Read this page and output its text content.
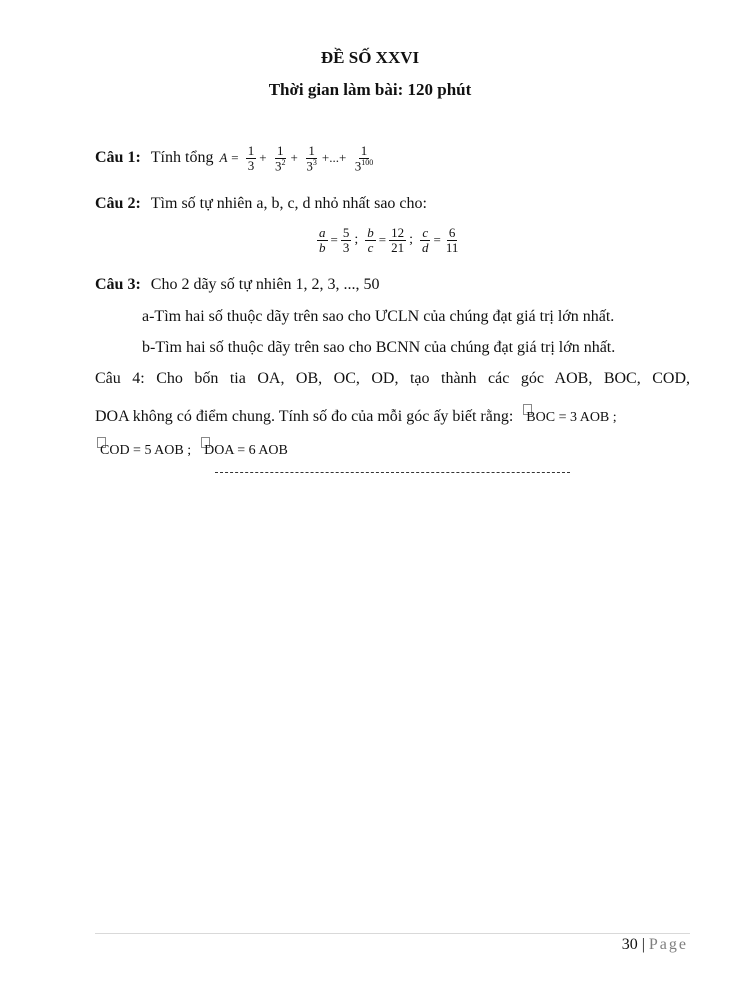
ĐỀ SỐ XXVI
Thời gian làm bài: 120 phút
Câu 1: Tính tổng $A = \frac{1}{3} + \frac{1}{3^2} + \frac{1}{3^3}$ +...+ $\frac{1}{3^{100}}$
Câu 2: Tìm số tự nhiên a, b, c, d nhỏ nhất sao cho:
$\frac{a}{b} = \frac{5}{3}$ ; $\frac{b}{c} = \frac{12}{21}$ ; $\frac{c}{d} = \frac{6}{11}$
Câu 3: Cho 2 dãy số tự nhiên 1, 2, 3, ..., 50
a-Tìm hai số thuộc dãy trên sao cho ƯCLN của chúng đạt giá trị lớn nhất.
b-Tìm hai số thuộc dãy trên sao cho BCNN của chúng đạt giá trị lớn nhất.
Câu 4: Cho bốn tia OA, OB, OC, OD, tạo thành các góc AOB, BOC, COD,
DOA không có điểm chung. Tính số đo của mỗi góc ấy biết rằng: BOC = 3 AOB ;
COD = 5 AOB ; DOA = 6 AOB
30 | Page
